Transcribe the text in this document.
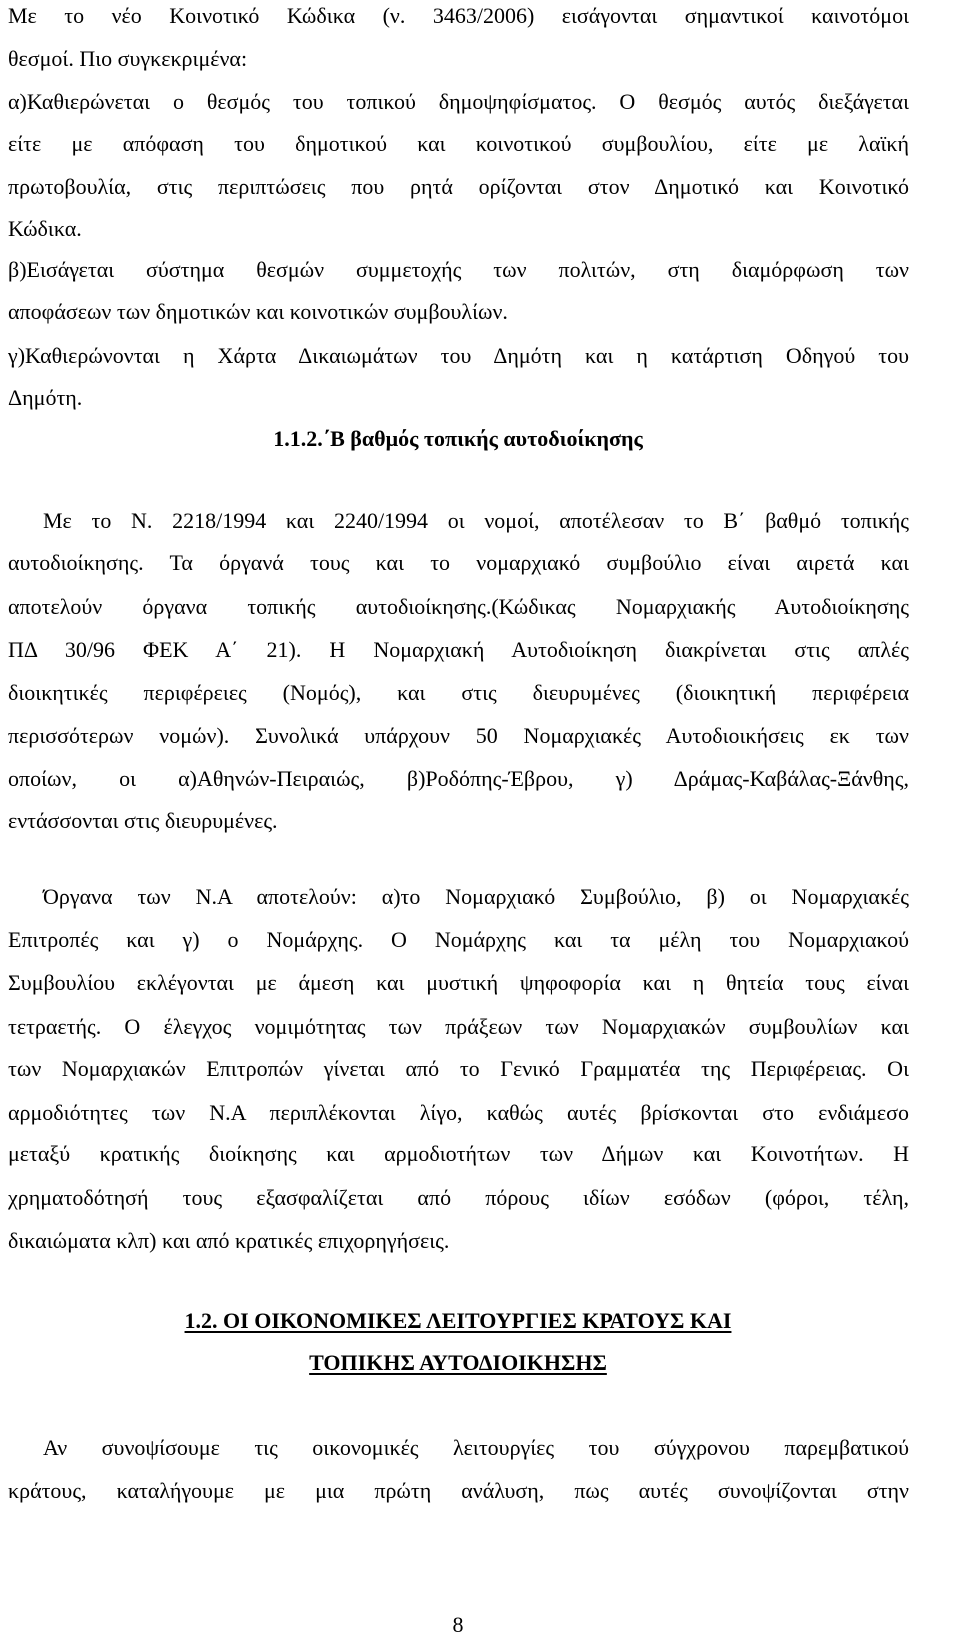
Με το νέο Κοινοτικό Κώδικα (ν. 3463/2006) εισάγονται σημαντικοί καινοτόμοι
θεσμοί. Πιο συγκεκριμένα:
α)Καθιερώνεται ο θεσμός του τοπικού δημοψηφίσματος. Ο θεσμός αυτός διεξάγεται
είτε με απόφαση του δημοτικού και κοινοτικού συμβουλίου, είτε με λαϊκή
πρωτοβουλία, στις περιπτώσεις που ρητά ορίζονται στον Δημοτικό και Κοινοτικό
Κώδικα.
β)Εισάγεται σύστημα θεσμών συμμετοχής των πολιτών, στη διαμόρφωση των
αποφάσεων των δημοτικών και κοινοτικών συμβουλίων.
γ)Καθιερώνονται η Χάρτα Δικαιωμάτων του Δημότη και η κατάρτιση Οδηγού του
Δημότη.
1.1.2.΄Β βαθμός τοπικής αυτοδιοίκησης
Με το Ν. 2218/1994 και 2240/1994 οι νομοί, αποτέλεσαν το Β΄ βαθμό τοπικής
αυτοδιοίκησης. Τα όργανά τους και το νομαρχιακό συμβούλιο είναι αιρετά και
αποτελούν όργανα τοπικής αυτοδιοίκησης.(Κώδικας Νομαρχιακής Αυτοδιοίκησης
ΠΔ 30/96 ΦΕΚ Α΄ 21). Η Νομαρχιακή Αυτοδιοίκηση διακρίνεται στις απλές
διοικητικές περιφέρειες (Νομός), και στις διευρυμένες (διοικητική περιφέρεια
περισσότερων νομών). Συνολικά υπάρχουν 50 Νομαρχιακές Αυτοδιοικήσεις εκ των
οποίων, οι α)Αθηνών-Πειραιώς, β)Ροδόπης-Έβρου, γ) Δράμας-Καβάλας-Ξάνθης,
εντάσσονται στις διευρυμένες.
Όργανα των Ν.Α αποτελούν: α)το Νομαρχιακό Συμβούλιο, β) οι Νομαρχιακές
Επιτροπές και γ) ο Νομάρχης. Ο Νομάρχης και τα μέλη του Νομαρχιακού
Συμβουλίου εκλέγονται με άμεση και μυστική ψηφοφορία και η θητεία τους είναι
τετραετής. Ο έλεγχος νομιμότητας των πράξεων των Νομαρχιακών συμβουλίων και
των Νομαρχιακών Επιτροπών γίνεται από το Γενικό Γραμματέα της Περιφέρειας. Οι
αρμοδιότητες των Ν.Α περιπλέκονται λίγο, καθώς αυτές βρίσκονται στο ενδιάμεσο
μεταξύ κρατικής διοίκησης και αρμοδιοτήτων των Δήμων και Κοινοτήτων. Η
χρηματοδότησή τους εξασφαλίζεται από πόρους ιδίων εσόδων (φόροι, τέλη,
δικαιώματα κλπ) και από κρατικές επιχορηγήσεις.
1.2. ΟΙ ΟΙΚΟΝΟΜΙΚΕΣ ΛΕΙΤΟΥΡΓΙΕΣ ΚΡΑΤΟΥΣ ΚΑΙ
ΤΟΠΙΚΗΣ ΑΥΤΟΔΙΟΙΚΗΣΗΣ
Αν συνοψίσουμε τις οικονομικές λειτουργίες του σύγχρονου παρεμβατικού
κράτους, καταλήγουμε με μια πρώτη ανάλυση, πως αυτές συνοψίζονται στην
8
